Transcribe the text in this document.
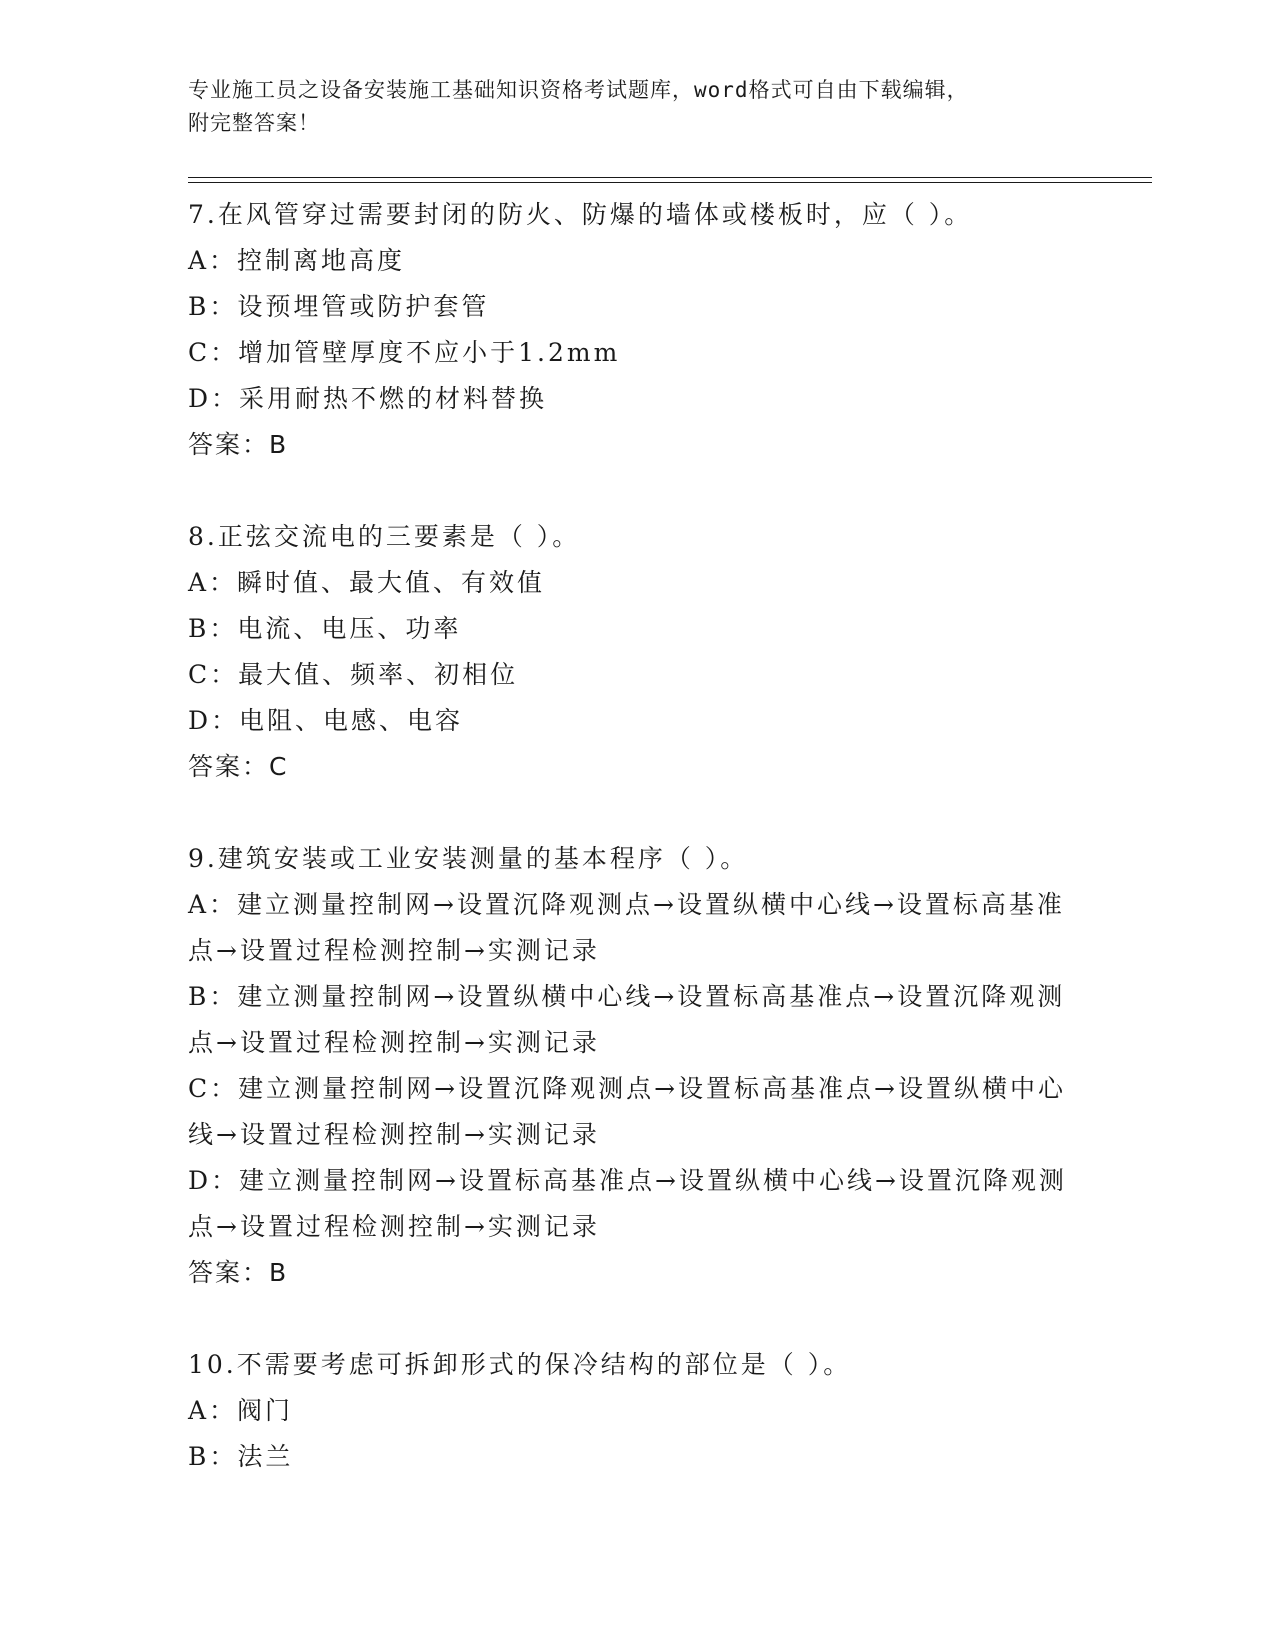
专业施工员之设备安装施工基础知识资格考试题库，word格式可自由下载编辑，
附完整答案！

7.在风管穿过需要封闭的防火、防爆的墙体或楼板时，应（ ）。

A：控制离地高度

B：设预埋管或防护套管

C：增加管壁厚度不应小于1.2mm

D：采用耐热不燃的材料替换

答案：B

8.正弦交流电的三要素是（ ）。

A：瞬时值、最大值、有效值

B：电流、电压、功率

C：最大值、频率、初相位

D：电阻、电感、电容

答案：C

9.建筑安装或工业安装测量的基本程序（ ）。

A：建立测量控制网→设置沉降观测点→设置纵横中心线→设置标高基准点→设置过程检测控制→实测记录

B：建立测量控制网→设置纵横中心线→设置标高基准点→设置沉降观测点→设置过程检测控制→实测记录

C：建立测量控制网→设置沉降观测点→设置标高基准点→设置纵横中心线→设置过程检测控制→实测记录

D：建立测量控制网→设置标高基准点→设置纵横中心线→设置沉降观测点→设置过程检测控制→实测记录

答案：B

10.不需要考虑可拆卸形式的保冷结构的部位是（ ）。

A：阀门

B：法兰
